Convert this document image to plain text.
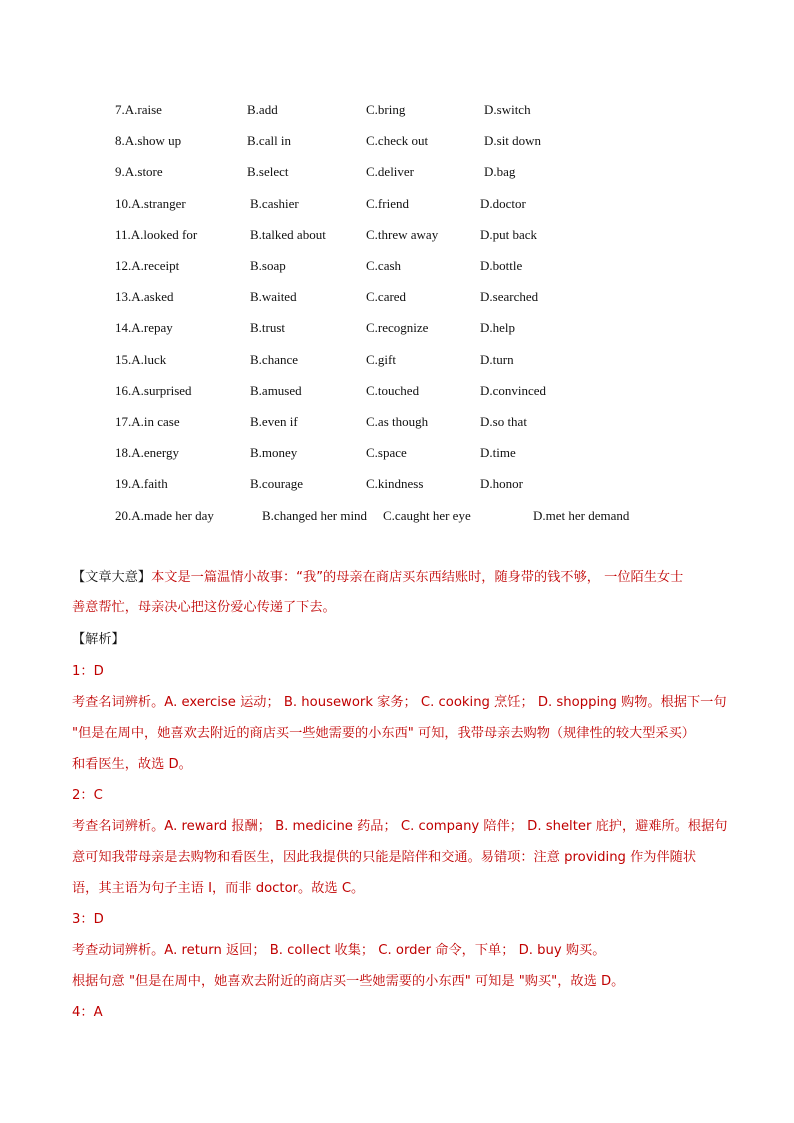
7.A.raise	B.add	C.bring	D.switch
8.A.show up	B.call in	C.check out	D.sit down
9.A.store	B.select	C.deliver	D.bag
10.A.stranger	B.cashier	C.friend	D.doctor
11.A.looked for	B.talked about	C.threw away	D.put back
12.A.receipt	B.soap	C.cash	D.bottle
13.A.asked	B.waited	C.cared	D.searched
14.A.repay	B.trust	C.recognize	D.help
15.A.luck	B.chance	C.gift	D.turn
16.A.surprised	B.amused	C.touched	D.convinced
17.A.in case	B.even if	C.as though	D.so that
18.A.energy	B.money	C.space	D.time
19.A.faith	B.courage	C.kindness	D.honor
20.A.made her day	B.changed her mind C.caught her eye	D.met her demand
【文章大意】本文是一篇温情小故事：“我”的母亲在商店买东西结账时，随身带的钱不够， 一位陌生女士
善意帮忙，母亲决心把这份爱心传递了下去。
【解析】
1：D
考查名词辨析。A. exercise 运动； B. housework 家务； C. cooking 烹饪； D. shopping 购物。根据下一句
"但是在周中，她喜欢去附近的商店买一些她需要的小东西" 可知，我带母亲去购物（规律性的较大型采买）
和看医生，故选 D。
2：C
考查名词辨析。A. reward 报酬； B. medicine 药品； C. company 陪伴； D. shelter 庇护，避难所。根据句
意可知我带母亲是去购物和看医生，因此我提供的只能是陪伴和交通。易错项：注意 providing 作为伴随状
语，其主语为句子主语 I，而非 doctor。故选 C。
3：D
考查动词辨析。A. return 返回； B. collect 收集； C. order 命令，下单； D. buy 购买。
根据句意 "但是在周中，她喜欢去附近的商店买一些她需要的小东西" 可知是 "购买"，故选 D。
4：A
